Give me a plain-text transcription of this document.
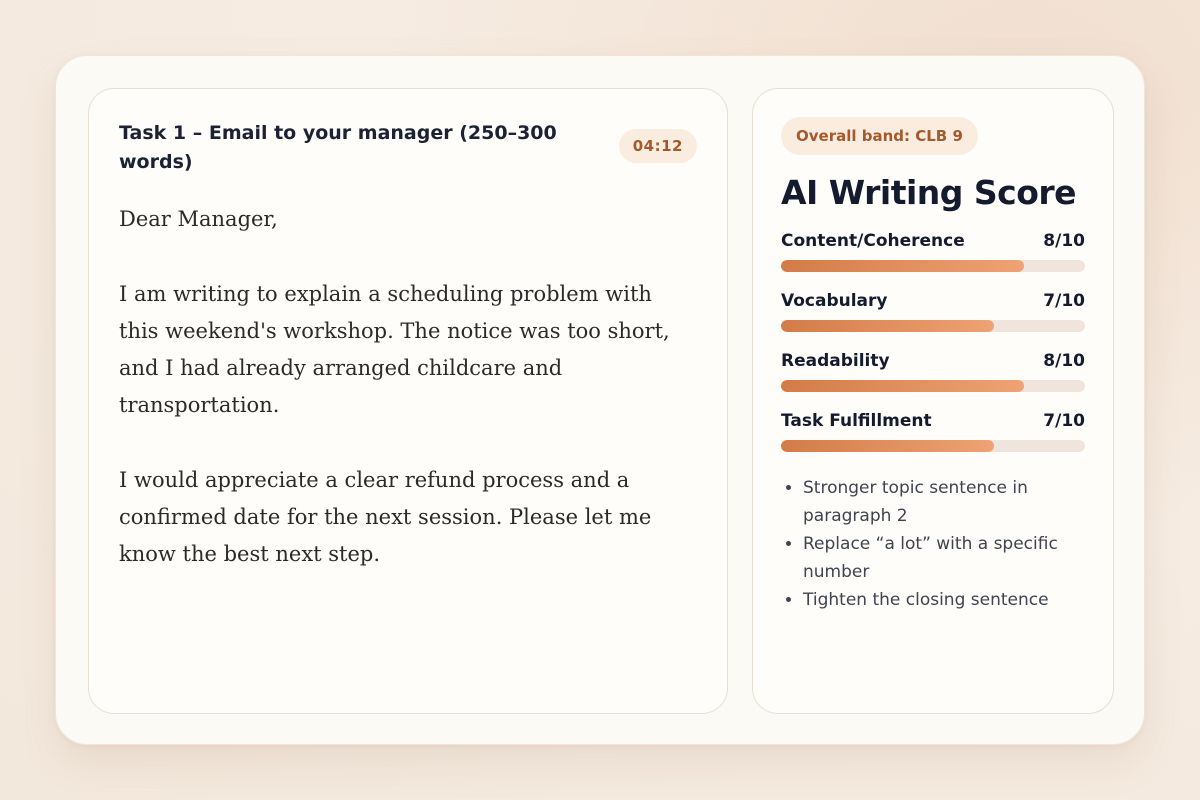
Task 1 – Email to your manager (250–300 words)
04:12

Dear Manager,

I am writing to explain a scheduling problem with this weekend's workshop. The notice was too short, and I had already arranged childcare and transportation.

I would appreciate a clear refund process and a confirmed date for the next session. Please let me know the best next step.

Overall band: CLB 9
AI Writing Score
Content/Coherence	8/10
Vocabulary	7/10
Readability	8/10
Task Fulfillment	7/10
• Stronger topic sentence in paragraph 2
• Replace “a lot” with a specific number
• Tighten the closing sentence
